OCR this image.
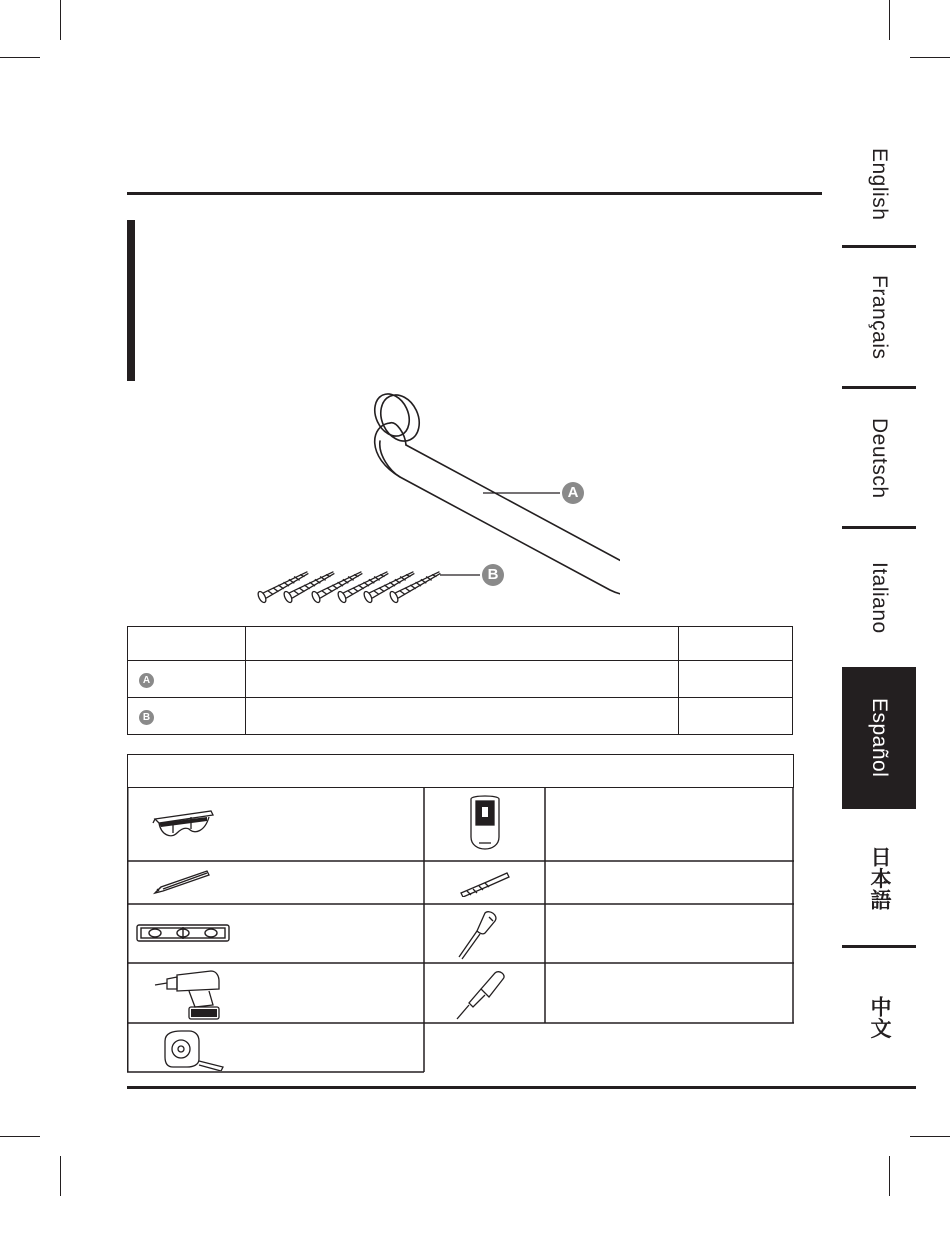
English
Français
Deutsch
Italiano
Español
日本語
中文
A
B

A		
B		
